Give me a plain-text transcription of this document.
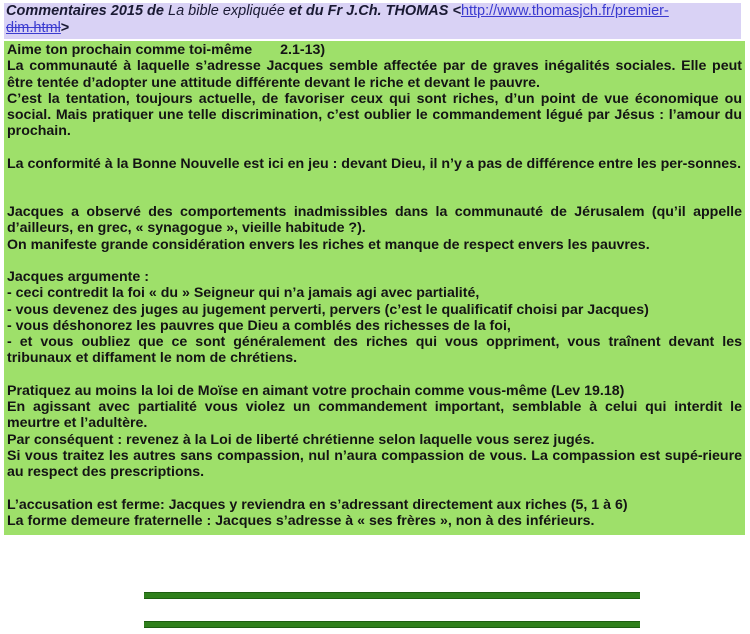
Commentaires 2015 de La bible expliquée et du Fr J.Ch. THOMAS <http://www.thomasjch.fr/premier-
dim.html>

Aime ton prochain comme toi-même 2.1-13)

La communauté à laquelle s’adresse Jacques semble affectée par de graves inégalités sociales. Elle peut être tentée d’adopter une attitude différente devant le riche et devant le pauvre.

C’est la tentation, toujours actuelle, de favoriser ceux qui sont riches, d’un point de vue économique ou social. Mais pratiquer une telle discrimination, c’est oublier le commandement légué par Jésus : l’amour du prochain.

La conformité à la Bonne Nouvelle est ici en jeu : devant Dieu, il n’y a pas de différence entre les per-sonnes.

Jacques a observé des comportements inadmissibles dans la communauté de Jérusalem (qu’il appelle d’ailleurs, en grec, « synagogue », vieille habitude ?).

On manifeste grande considération envers les riches et manque de respect envers les pauvres.

Jacques argumente :

- ceci contredit la foi « du » Seigneur qui n’a jamais agi avec partialité,

- vous devenez des juges au jugement perverti, pervers (c’est le qualificatif choisi par Jacques)

- vous déshonorez les pauvres que Dieu a comblés des richesses de la foi,

- et vous oubliez que ce sont généralement des riches qui vous oppriment, vous traînent devant les tribunaux et diffament le nom de chrétiens.

Pratiquez au moins la loi de Moïse en aimant votre prochain comme vous-même (Lev 19.18)

En agissant avec partialité vous violez un commandement important, semblable à celui qui interdit le meurtre et l’adultère.

Par conséquent : revenez à la Loi de liberté chrétienne selon laquelle vous serez jugés.

Si vous traitez les autres sans compassion, nul n’aura compassion de vous. La compassion est supé-rieure au respect des prescriptions.

L’accusation est ferme: Jacques y reviendra en s’adressant directement aux riches (5, 1 à 6)

La forme demeure fraternelle : Jacques s’adresse à « ses frères », non à des inférieurs.
